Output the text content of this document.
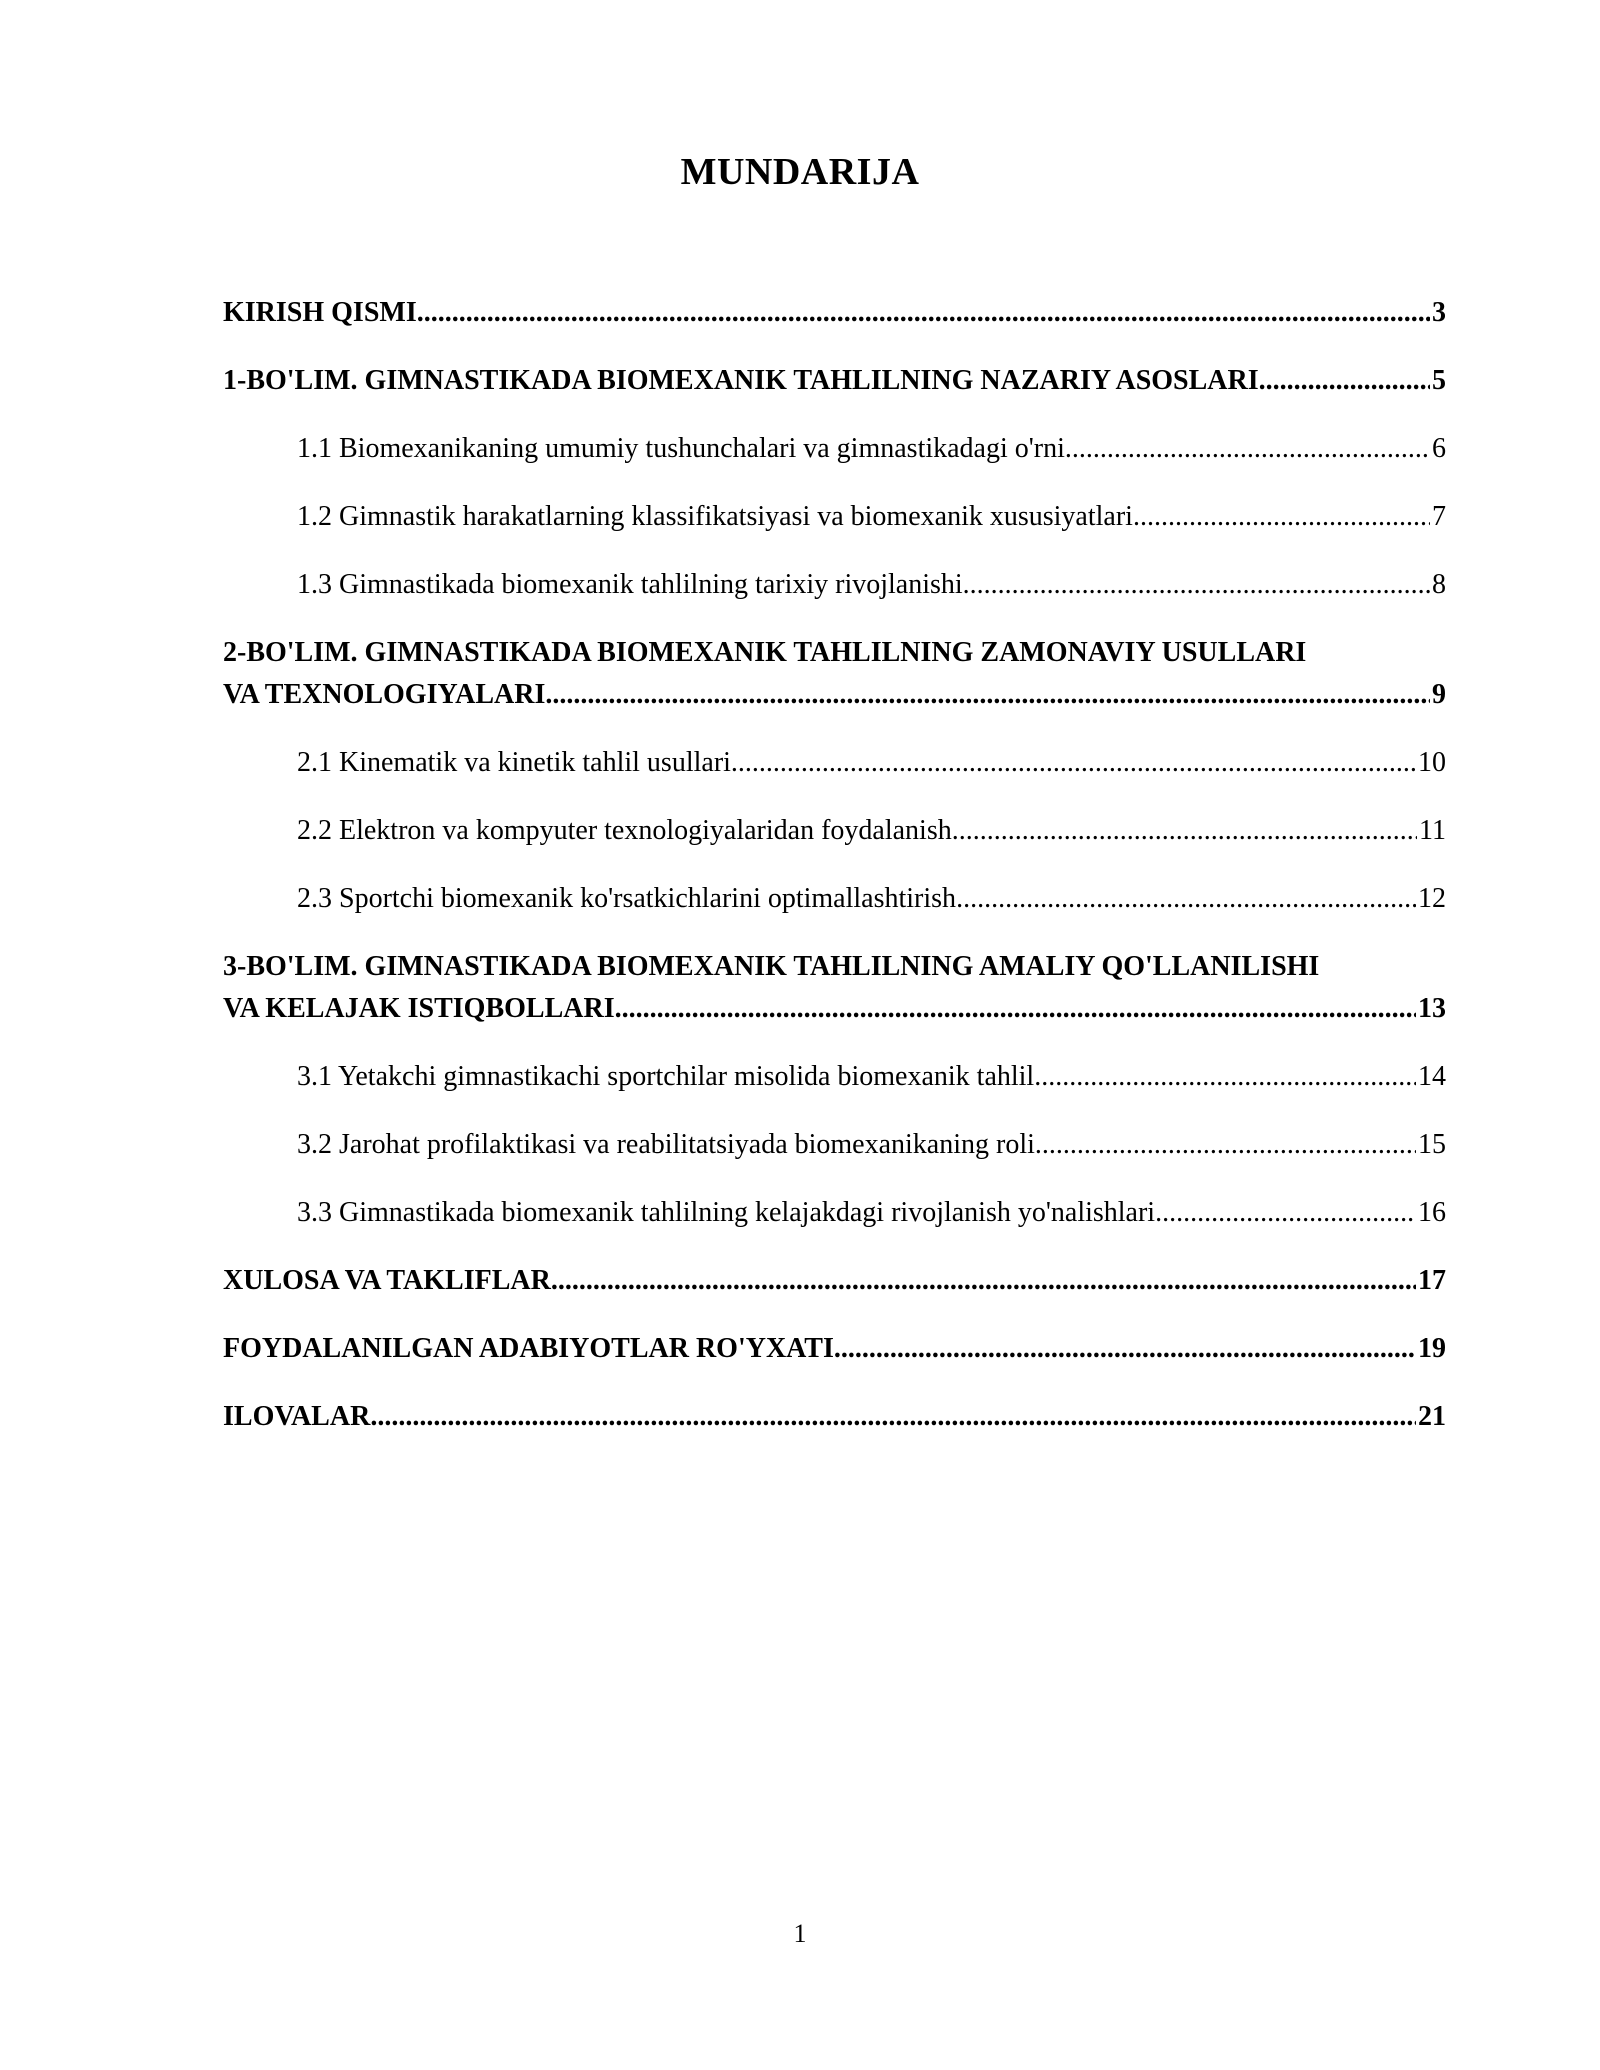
MUNDARIJA
KIRISH QISMI .....	3
1-BO'LIM. GIMNASTIKADA BIOMEXANIK TAHLILNING NAZARIY ASOSLARI .....	5
1.1 Biomexanikaning umumiy tushunchalari va gimnastikadagi o'rni .....	6
1.2 Gimnastik harakatlarning klassifikatsiyasi va biomexanik xususiyatlari .....	7
1.3 Gimnastikada biomexanik tahlilning tarixiy rivojlanishi .....	8
2-BO'LIM. GIMNASTIKADA BIOMEXANIK TAHLILNING ZAMONAVIY USULLARI
VA TEXNOLOGIYALARI .....	9
2.1 Kinematik va kinetik tahlil usullari .....	10
2.2 Elektron va kompyuter texnologiyalaridan foydalanish .....	11
2.3 Sportchi biomexanik ko'rsatkichlarini optimallashtirish .....	12
3-BO'LIM. GIMNASTIKADA BIOMEXANIK TAHLILNING AMALIY QO'LLANILISHI
VA KELAJAK ISTIQBOLLARI .....	13
3.1 Yetakchi gimnastikachi sportchilar misolida biomexanik tahlil .....	14
3.2 Jarohat profilaktikasi va reabilitatsiyada biomexanikaning roli .....	15
3.3 Gimnastikada biomexanik tahlilning kelajakdagi rivojlanish yo'nalishlari .....	16
XULOSA VA TAKLIFLAR .....	17
FOYDALANILGAN ADABIYOTLAR RO'YXATI .....	19
ILOVALAR .....	21
1
